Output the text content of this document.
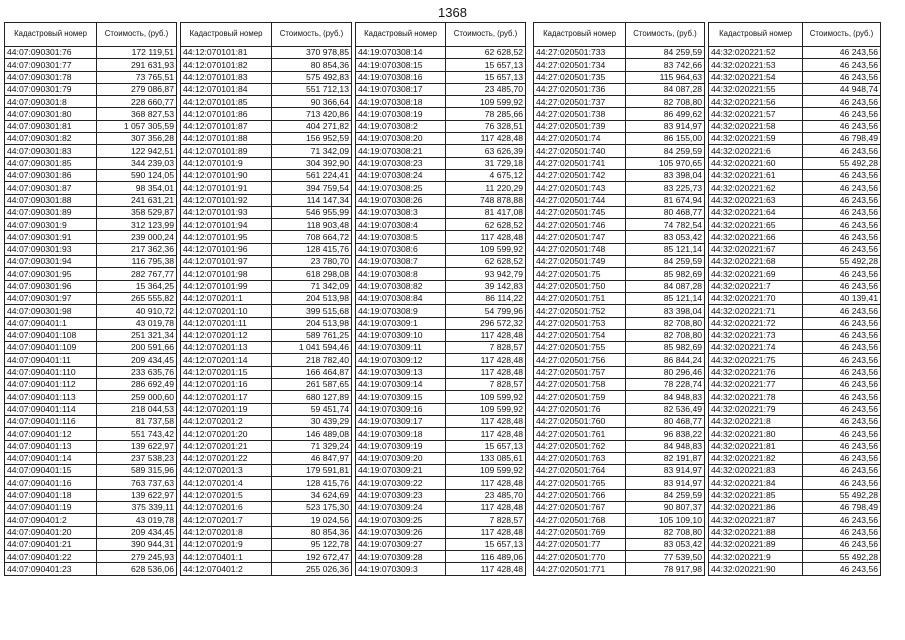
1368
Кадастровый номер	Стоимость, (руб.)
44:07:090301:76	172 119,51
44:07:090301:77	291 631,93
44:07:090301:78	73 765,51
44:07:090301:79	279 086,87
44:07:090301:8	228 660,77
44:07:090301:80	368 827,53
44:07:090301:81	1 057 305,59
44:07:090301:82	307 356,28
44:07:090301:83	122 942,51
44:07:090301:85	344 239,03
44:07:090301:86	590 124,05
44:07:090301:87	98 354,01
44:07:090301:88	241 631,21
44:07:090301:89	358 529,87
44:07:090301:9	312 123,99
44:07:090301:91	239 000,24
44:07:090301:93	217 362,36
44:07:090301:94	116 795,38
44:07:090301:95	282 767,77
44:07:090301:96	15 364,25
44:07:090301:97	265 555,82
44:07:090301:98	40 910,72
44:07:090401:1	43 019,78
44:07:090401:108	251 321,34
44:07:090401:109	200 591,66
44:07:090401:11	209 434,45
44:07:090401:110	233 635,76
44:07:090401:112	286 692,49
44:07:090401:113	259 000,60
44:07:090401:114	218 044,53
44:07:090401:116	81 737,58
44:07:090401:12	551 743,42
44:07:090401:13	139 622,97
44:07:090401:14	237 538,23
44:07:090401:15	589 315,96
44:07:090401:16	763 737,63
44:07:090401:18	139 622,97
44:07:090401:19	375 339,11
44:07:090401:2	43 019,78
44:07:090401:20	209 434,45
44:07:090401:21	390 944,31
44:07:090401:22	279 245,93
44:07:090401:23	628 536,06
Кадастровый номер	Стоимость, (руб.)
44:12:070101:81	370 978,85
44:12:070101:82	80 854,36
44:12:070101:83	575 492,83
44:12:070101:84	551 712,13
44:12:070101:85	90 366,64
44:12:070101:86	713 420,86
44:12:070101:87	404 271,82
44:12:070101:88	156 952,59
44:12:070101:89	71 342,09
44:12:070101:9	304 392,90
44:12:070101:90	561 224,41
44:12:070101:91	394 759,54
44:12:070101:92	114 147,34
44:12:070101:93	546 955,99
44:12:070101:94	118 903,48
44:12:070101:95	708 664,72
44:12:070101:96	128 415,76
44:12:070101:97	23 780,70
44:12:070101:98	618 298,08
44:12:070101:99	71 342,09
44:12:070201:1	204 513,98
44:12:070201:10	399 515,68
44:12:070201:11	204 513,98
44:12:070201:12	589 761,25
44:12:070201:13	1 041 594,46
44:12:070201:14	218 782,40
44:12:070201:15	166 464,87
44:12:070201:16	261 587,65
44:12:070201:17	680 127,89
44:12:070201:19	59 451,74
44:12:070201:2	30 439,29
44:12:070201:20	146 489,08
44:12:070201:21	71 329,24
44:12:070201:22	46 847,97
44:12:070201:3	179 591,81
44:12:070201:4	128 415,76
44:12:070201:5	34 624,69
44:12:070201:6	523 175,30
44:12:070201:7	19 024,56
44:12:070201:8	80 854,36
44:12:070201:9	95 122,78
44:12:070401:1	192 672,47
44:12:070401:2	255 026,36
Кадастровый номер	Стоимость, (руб.)
44:19:070308:14	62 628,52
44:19:070308:15	15 657,13
44:19:070308:16	15 657,13
44:19:070308:17	23 485,70
44:19:070308:18	109 599,92
44:19:070308:19	78 285,66
44:19:070308:2	76 328,51
44:19:070308:20	117 428,48
44:19:070308:21	63 626,39
44:19:070308:23	31 729,18
44:19:070308:24	4 675,12
44:19:070308:25	11 220,29
44:19:070308:26	748 878,88
44:19:070308:3	81 417,08
44:19:070308:4	62 628,52
44:19:070308:5	117 428,48
44:19:070308:6	109 599,92
44:19:070308:7	62 628,52
44:19:070308:8	93 942,79
44:19:070308:82	39 142,83
44:19:070308:84	86 114,22
44:19:070308:9	54 799,96
44:19:070309:1	296 572,32
44:19:070309:10	117 428,48
44:19:070309:11	7 828,57
44:19:070309:12	117 428,48
44:19:070309:13	117 428,48
44:19:070309:14	7 828,57
44:19:070309:15	109 599,92
44:19:070309:16	109 599,92
44:19:070309:17	117 428,48
44:19:070309:18	117 428,48
44:19:070309:19	15 657,13
44:19:070309:20	133 085,61
44:19:070309:21	109 599,92
44:19:070309:22	117 428,48
44:19:070309:23	23 485,70
44:19:070309:24	117 428,48
44:19:070309:25	7 828,57
44:19:070309:26	117 428,48
44:19:070309:27	15 657,13
44:19:070309:28	116 489,06
44:19:070309:3	117 428,48
Кадастровый номер	Стоимость, (руб.)
44:27:020501:733	84 259,59
44:27:020501:734	83 742,66
44:27:020501:735	115 964,63
44:27:020501:736	84 087,28
44:27:020501:737	82 708,80
44:27:020501:738	86 499,62
44:27:020501:739	83 914,97
44:27:020501:74	86 155,00
44:27:020501:740	84 259,59
44:27:020501:741	105 970,65
44:27:020501:742	83 398,04
44:27:020501:743	83 225,73
44:27:020501:744	81 674,94
44:27:020501:745	80 468,77
44:27:020501:746	74 782,54
44:27:020501:747	83 053,42
44:27:020501:748	85 121,14
44:27:020501:749	84 259,59
44:27:020501:75	85 982,69
44:27:020501:750	84 087,28
44:27:020501:751	85 121,14
44:27:020501:752	83 398,04
44:27:020501:753	82 708,80
44:27:020501:754	82 708,80
44:27:020501:755	85 982,69
44:27:020501:756	86 844,24
44:27:020501:757	80 296,46
44:27:020501:758	78 228,74
44:27:020501:759	84 948,83
44:27:020501:76	82 536,49
44:27:020501:760	80 468,77
44:27:020501:761	96 838,22
44:27:020501:762	84 948,83
44:27:020501:763	82 191,87
44:27:020501:764	83 914,97
44:27:020501:765	83 914,97
44:27:020501:766	84 259,59
44:27:020501:767	90 807,37
44:27:020501:768	105 109,10
44:27:020501:769	82 708,80
44:27:020501:77	83 053,42
44:27:020501:770	77 539,50
44:27:020501:771	78 917,98
Кадастровый номер	Стоимость, (руб.)
44:32:020221:52	46 243,56
44:32:020221:53	46 243,56
44:32:020221:54	46 243,56
44:32:020221:55	44 948,74
44:32:020221:56	46 243,56
44:32:020221:57	46 243,56
44:32:020221:58	46 243,56
44:32:020221:59	46 798,49
44:32:020221:6	46 243,56
44:32:020221:60	55 492,28
44:32:020221:61	46 243,56
44:32:020221:62	46 243,56
44:32:020221:63	46 243,56
44:32:020221:64	46 243,56
44:32:020221:65	46 243,56
44:32:020221:66	46 243,56
44:32:020221:67	46 243,56
44:32:020221:68	55 492,28
44:32:020221:69	46 243,56
44:32:020221:7	46 243,56
44:32:020221:70	40 139,41
44:32:020221:71	46 243,56
44:32:020221:72	46 243,56
44:32:020221:73	46 243,56
44:32:020221:74	46 243,56
44:32:020221:75	46 243,56
44:32:020221:76	46 243,56
44:32:020221:77	46 243,56
44:32:020221:78	46 243,56
44:32:020221:79	46 243,56
44:32:020221:8	46 243,56
44:32:020221:80	46 243,56
44:32:020221:81	46 243,56
44:32:020221:82	46 243,56
44:32:020221:83	46 243,56
44:32:020221:84	46 243,56
44:32:020221:85	55 492,28
44:32:020221:86	46 798,49
44:32:020221:87	46 243,56
44:32:020221:88	46 243,56
44:32:020221:89	46 243,56
44:32:020221:9	55 492,28
44:32:020221:90	46 243,56
